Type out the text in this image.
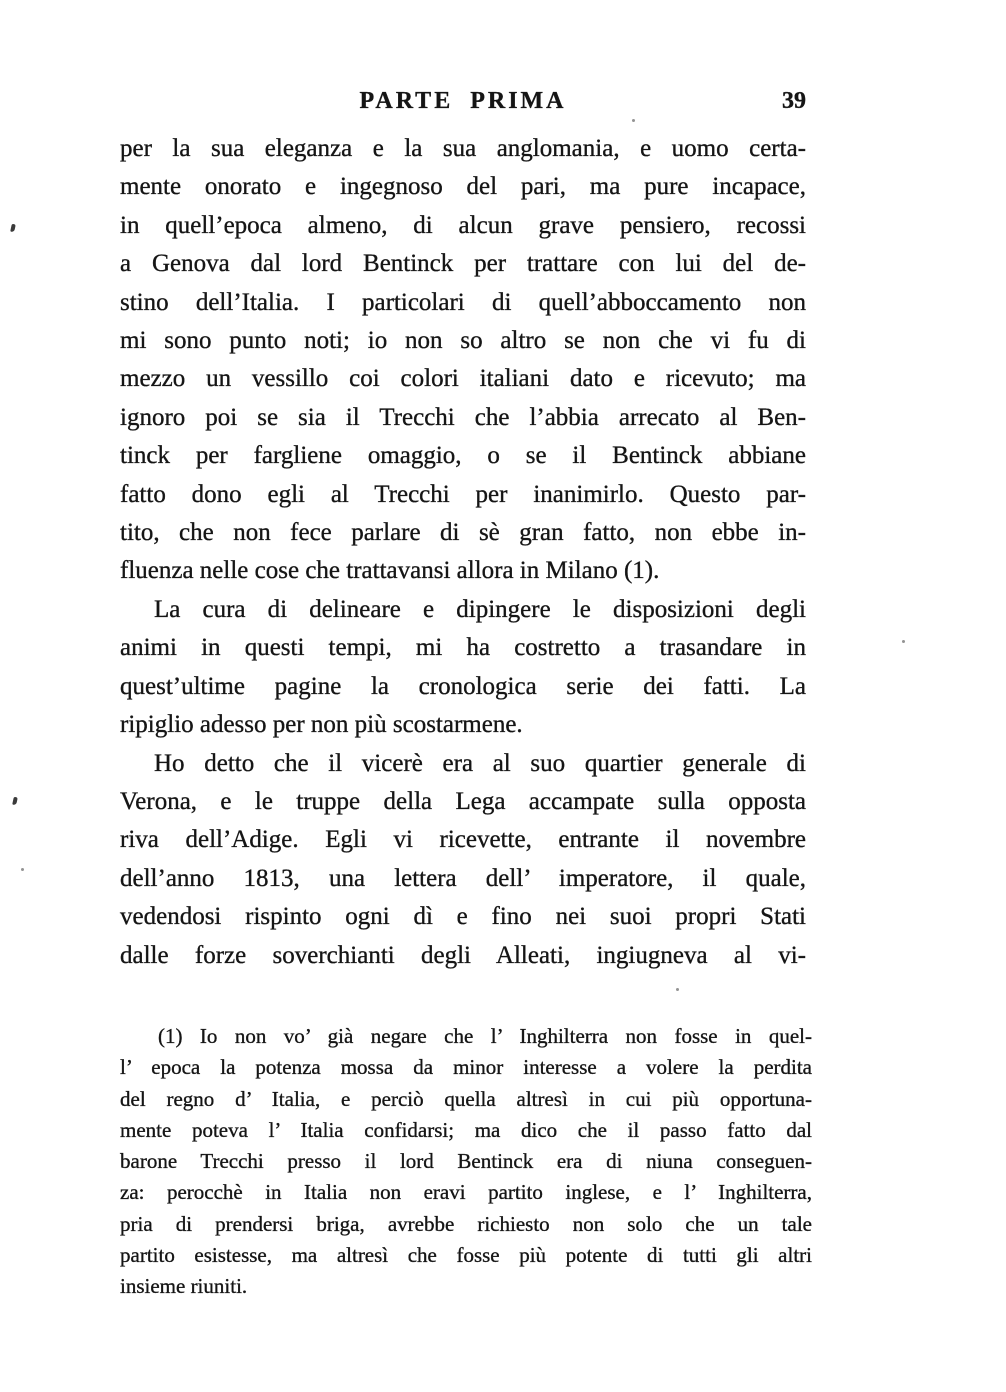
PARTE PRIMA	39
per la sua eleganza e la sua anglomania, e uomo certa-
mente onorato e ingegnoso del pari, ma pure incapace,
in quell’epoca almeno, di alcun grave pensiero, recossi
a Genova dal lord Bentinck per trattare con lui del de-
stino dell’Italia. I particolari di quell’abboccamento non
mi sono punto noti; io non so altro se non che vi fu di
mezzo un vessillo coi colori italiani dato e ricevuto; ma
ignoro poi se sia il Trecchi che l’abbia arrecato al Ben-
tinck per fargliene omaggio, o se il Bentinck abbiane
fatto dono egli al Trecchi per inanimirlo. Questo par-
tito, che non fece parlare di sè gran fatto, non ebbe in-
fluenza nelle cose che trattavansi allora in Milano (1).
La cura di delineare e dipingere le disposizioni degli
animi in questi tempi, mi ha costretto a trasandare in
quest’ultime pagine la cronologica serie dei fatti. La
ripiglio adesso per non più scostarmene.
Ho detto che il vicerè era al suo quartier generale di
Verona, e le truppe della Lega accampate sulla opposta
riva dell’Adige. Egli vi ricevette, entrante il novembre
dell’anno 1813, una lettera dell’ imperatore, il quale,
vedendosi rispinto ogni dì e fino nei suoi propri Stati
dalle forze soverchianti degli Alleati, ingiugneva al vi-
(1) Io non vo’ già negare che l’ Inghilterra non fosse in quel-
l’ epoca la potenza mossa da minor interesse a volere la perdita
del regno d’ Italia, e perciò quella altresì in cui più opportuna-
mente poteva l’ Italia confidarsi; ma dico che il passo fatto dal
barone Trecchi presso il lord Bentinck era di niuna conseguen-
za: perocchè in Italia non eravi partito inglese, e l’ Inghilterra,
pria di prendersi briga, avrebbe richiesto non solo che un tale
partito esistesse, ma altresì che fosse più potente di tutti gli altri
insieme riuniti.
